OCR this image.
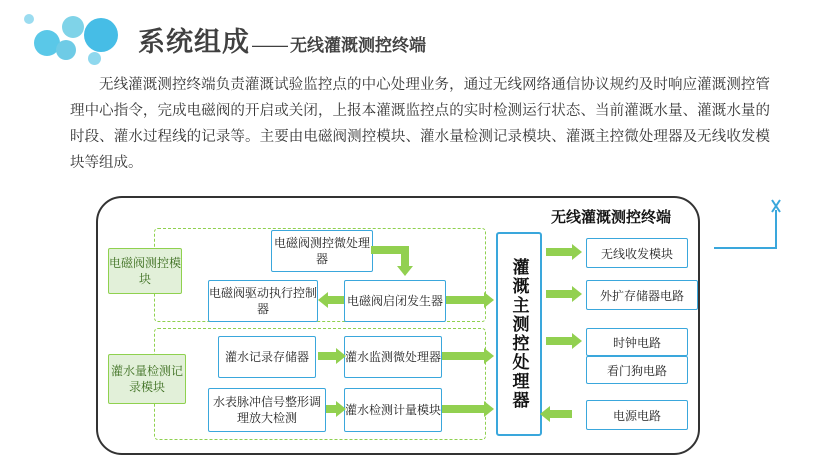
系统组成 —— 无线灌溉测控终端
无线灌溉测控终端负责灌溉试验监控点的中心处理业务，通过无线网络通信协议规约及时响应灌溉测控管理中心指令，完成电磁阀的开启或关闭，上报本灌溉监控点的实时检测运行状态、当前灌溉水量、灌溉水量的时段、灌水过程线的记录等。主要由电磁阀测控模块、灌水量检测记录模块、灌溉主控微处理器及无线收发模块等组成。
无线灌溉测控终端
电磁阀测控模块
灌水量检测记录模块
电磁阀测控微处理器
电磁阀驱动执行控制器
电磁阀启闭发生器
灌水记录存储器	灌水监测微处理器
水表脉冲信号整形调理放大检测
灌水检测计量模块	灌溉主测控处理器
无线收发模块
外扩存储器电路
时钟电路
看门狗电路
电源电路
